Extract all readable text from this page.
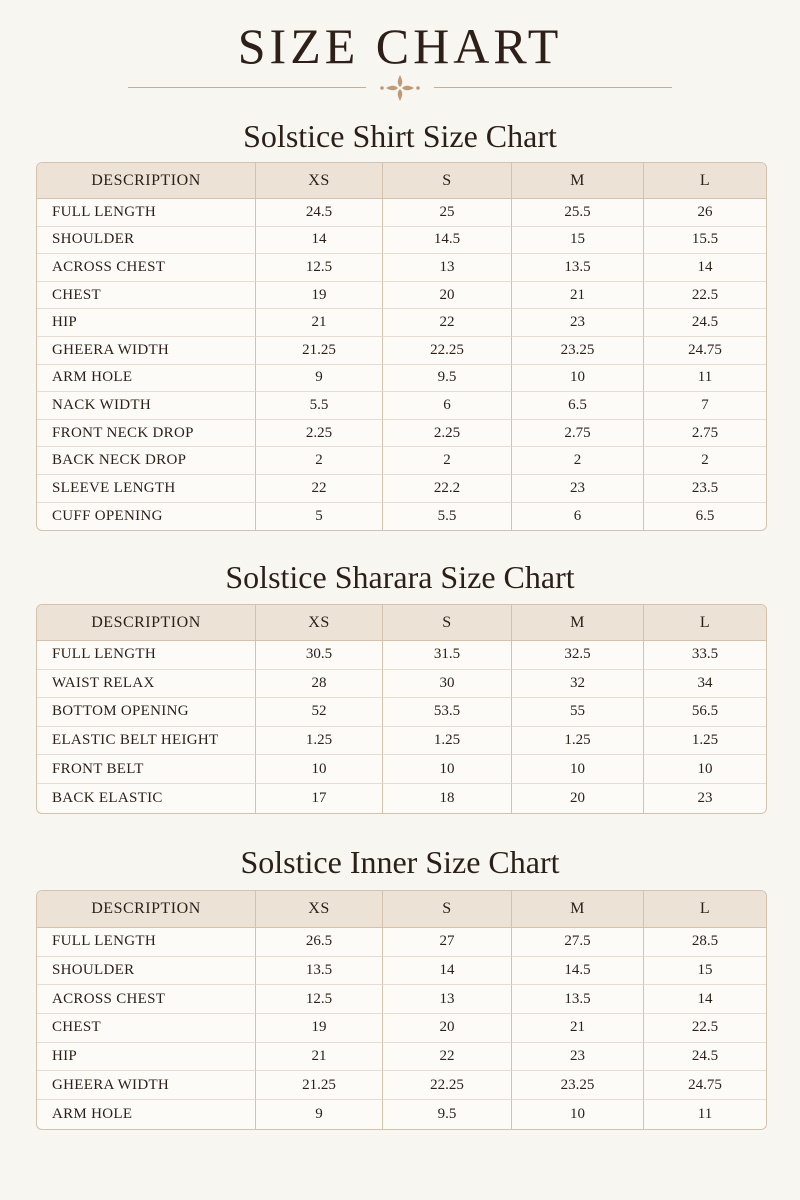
SIZE CHART
Solstice Shirt Size Chart
DESCRIPTION	XS	S	M	L
FULL LENGTH	24.5	25	25.5	26
SHOULDER	14	14.5	15	15.5
ACROSS CHEST	12.5	13	13.5	14
CHEST	19	20	21	22.5
HIP	21	22	23	24.5
GHEERA WIDTH	21.25	22.25	23.25	24.75
ARM HOLE	9	9.5	10	11
NACK WIDTH	5.5	6	6.5	7
FRONT NECK DROP	2.25	2.25	2.75	2.75
BACK NECK DROP	2	2	2	2
SLEEVE LENGTH	22	22.2	23	23.5
CUFF OPENING	5	5.5	6	6.5
Solstice Sharara Size Chart
DESCRIPTION	XS	S	M	L
FULL LENGTH	30.5	31.5	32.5	33.5
WAIST RELAX	28	30	32	34
BOTTOM OPENING	52	53.5	55	56.5
ELASTIC BELT HEIGHT	1.25	1.25	1.25	1.25
FRONT BELT	10	10	10	10
BACK ELASTIC	17	18	20	23
Solstice Inner Size Chart
DESCRIPTION	XS	S	M	L
FULL LENGTH	26.5	27	27.5	28.5
SHOULDER	13.5	14	14.5	15
ACROSS CHEST	12.5	13	13.5	14
CHEST	19	20	21	22.5
HIP	21	22	23	24.5
GHEERA WIDTH	21.25	22.25	23.25	24.75
ARM HOLE	9	9.5	10	11
